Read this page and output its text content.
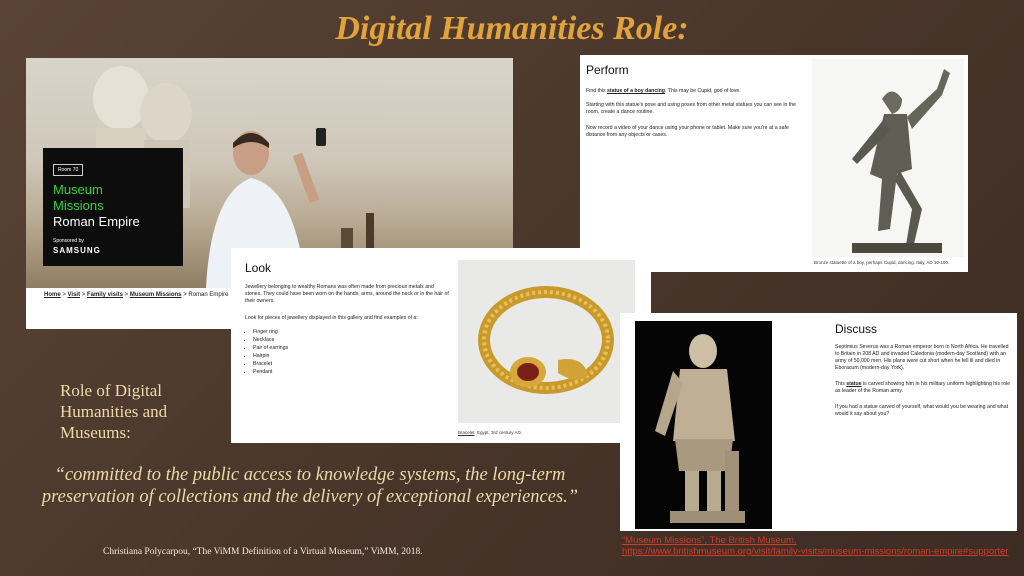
Digital Humanities Role:
Room 70
Museum
Missions
Roman Empire
Sponsored by
SAMSUNG
Home > Visit > Family visits > Museum Missions > Roman Empire
Perform
Find this statue of a boy dancing. This may be Cupid, god of love.
Starting with this statue's pose and using poses from other metal statues you can see in the room, create a dance routine.
Now record a video of your dance using your phone or tablet. Make sure you're at a safe distance from any objects or cases.
Bronze statuette of a boy, perhaps Cupid, dancing. Italy, AD 10-100.
Look
Jewellery belonging to wealthy Romans was often made from precious metals and stones. They could have been worn on the hands, arms, around the neck or in the hair of their owners.
Look for pieces of jewellery displayed in this gallery and find examples of a:
• Finger ring
• Necklace
• Pair of earrings
• Hairpin
• Bracelet
• Pendant
Bracelet. Egypt, 3rd century AD.
Discuss
Septimius Severus was a Roman emperor born in North Africa. He travelled to Britain in 208 AD and invaded Caledonia (modern-day Scotland) with an army of 50,000 men. His plans were cut short when he fell ill and died in Eboracum (modern-day York).
This statue is carved showing him in his military uniform highlighting his role as leader of the Roman army.
If you had a statue carved of yourself, what would you be wearing and what would it say about you?
Role of Digital Humanities and Museums:
“committed to the public access to knowledge systems, the long-term preservation of collections and the delivery of exceptional experiences.”
Christiana Polycarpou, “The ViMM Definition of a Virtual Museum,” ViMM, 2018.
“Museum Missions”, The British Museum,
https://www.britishmuseum.org/visit/family-visits/museum-missions/roman-empire#supporter
